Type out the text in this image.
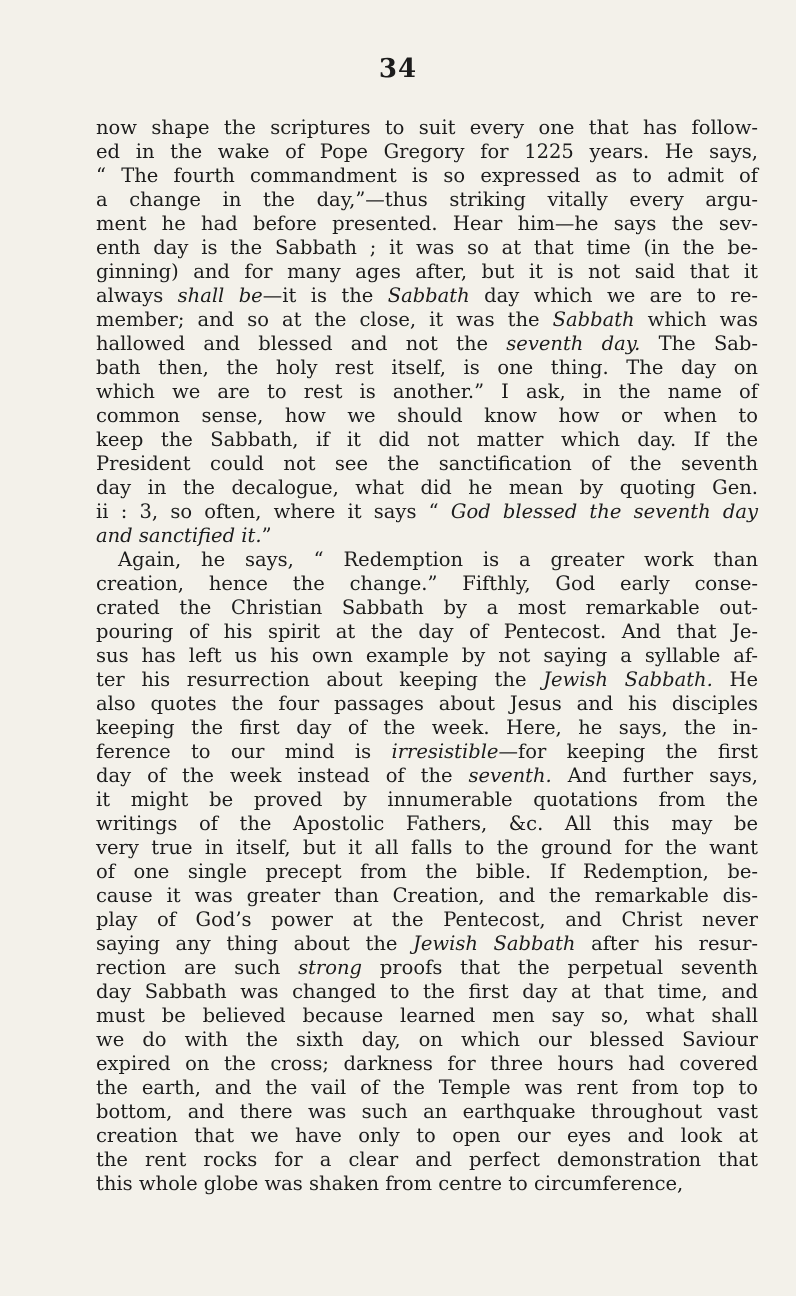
34
now shape the scriptures to suit every one that has follow-
ed in the wake of Pope Gregory for 1225 years. He says,
“ The fourth commandment is so expressed as to admit of
a change in the day,”—thus striking vitally every argu-
ment he had before presented. Hear him—he says the sev-
enth day is the Sabbath ; it was so at that time (in the be-
ginning) and for many ages after, but it is not said that it
always shall be—it is the Sabbath day which we are to re-
member; and so at the close, it was the Sabbath which was
hallowed and blessed and not the seventh day. The Sab-
bath then, the holy rest itself, is one thing. The day on
which we are to rest is another.” I ask, in the name of
common sense, how we should know how or when to
keep the Sabbath, if it did not matter which day. If the
President could not see the sanctification of the seventh
day in the decalogue, what did he mean by quoting Gen.
ii : 3, so often, where it says “ God blessed the seventh day
and sanctified it.”
Again, he says, “ Redemption is a greater work than
creation, hence the change.” Fifthly, God early conse-
crated the Christian Sabbath by a most remarkable out-
pouring of his spirit at the day of Pentecost. And that Je-
sus has left us his own example by not saying a syllable af-
ter his resurrection about keeping the Jewish Sabbath. He
also quotes the four passages about Jesus and his disciples
keeping the first day of the week. Here, he says, the in-
ference to our mind is irresistible—for keeping the first
day of the week instead of the seventh. And further says,
it might be proved by innumerable quotations from the
writings of the Apostolic Fathers, &c. All this may be
very true in itself, but it all falls to the ground for the want
of one single precept from the bible. If Redemption, be-
cause it was greater than Creation, and the remarkable dis-
play of God’s power at the Pentecost, and Christ never
saying any thing about the Jewish Sabbath after his resur-
rection are such strong proofs that the perpetual seventh
day Sabbath was changed to the first day at that time, and
must be believed because learned men say so, what shall
we do with the sixth day, on which our blessed Saviour
expired on the cross; darkness for three hours had covered
the earth, and the vail of the Temple was rent from top to
bottom, and there was such an earthquake throughout vast
creation that we have only to open our eyes and look at
the rent rocks for a clear and perfect demonstration that
this whole globe was shaken from centre to circumference,
